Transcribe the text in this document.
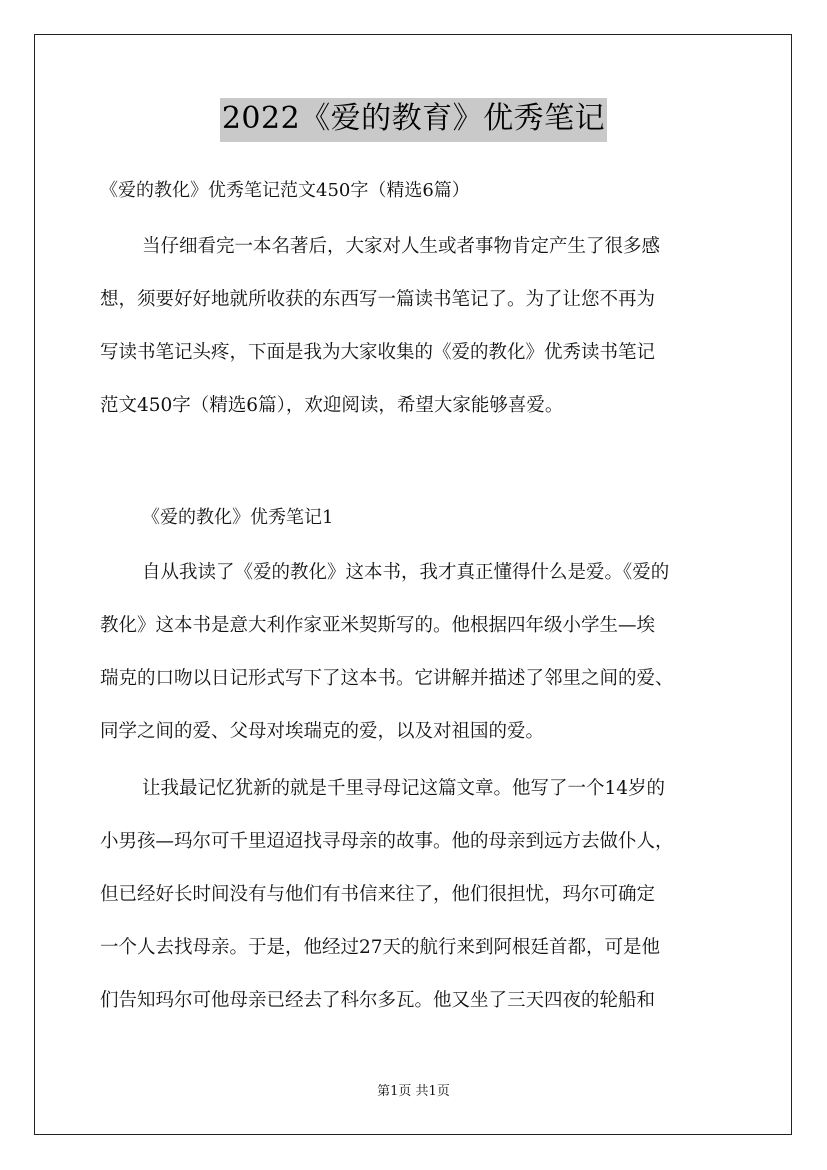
2022《爱的教育》优秀笔记
《爱的教化》优秀笔记范文450字（精选6篇）
当仔细看完一本名著后，大家对人生或者事物肯定产生了很多感
想，须要好好地就所收获的东西写一篇读书笔记了。为了让您不再为
写读书笔记头疼，下面是我为大家收集的《爱的教化》优秀读书笔记
范文450字（精选6篇），欢迎阅读，希望大家能够喜爱。
《爱的教化》优秀笔记1
自从我读了《爱的教化》这本书，我才真正懂得什么是爱。《爱的
教化》这本书是意大利作家亚米契斯写的。他根据四年级小学生—埃
瑞克的口吻以日记形式写下了这本书。它讲解并描述了邻里之间的爱、
同学之间的爱、父母对埃瑞克的爱，以及对祖国的爱。
让我最记忆犹新的就是千里寻母记这篇文章。他写了一个14岁的
小男孩—玛尔可千里迢迢找寻母亲的故事。他的母亲到远方去做仆人，
但已经好长时间没有与他们有书信来往了，他们很担忧，玛尔可确定
一个人去找母亲。于是，他经过27天的航行来到阿根廷首都，可是他
们告知玛尔可他母亲已经去了科尔多瓦。他又坐了三天四夜的轮船和
第1页 共1页
